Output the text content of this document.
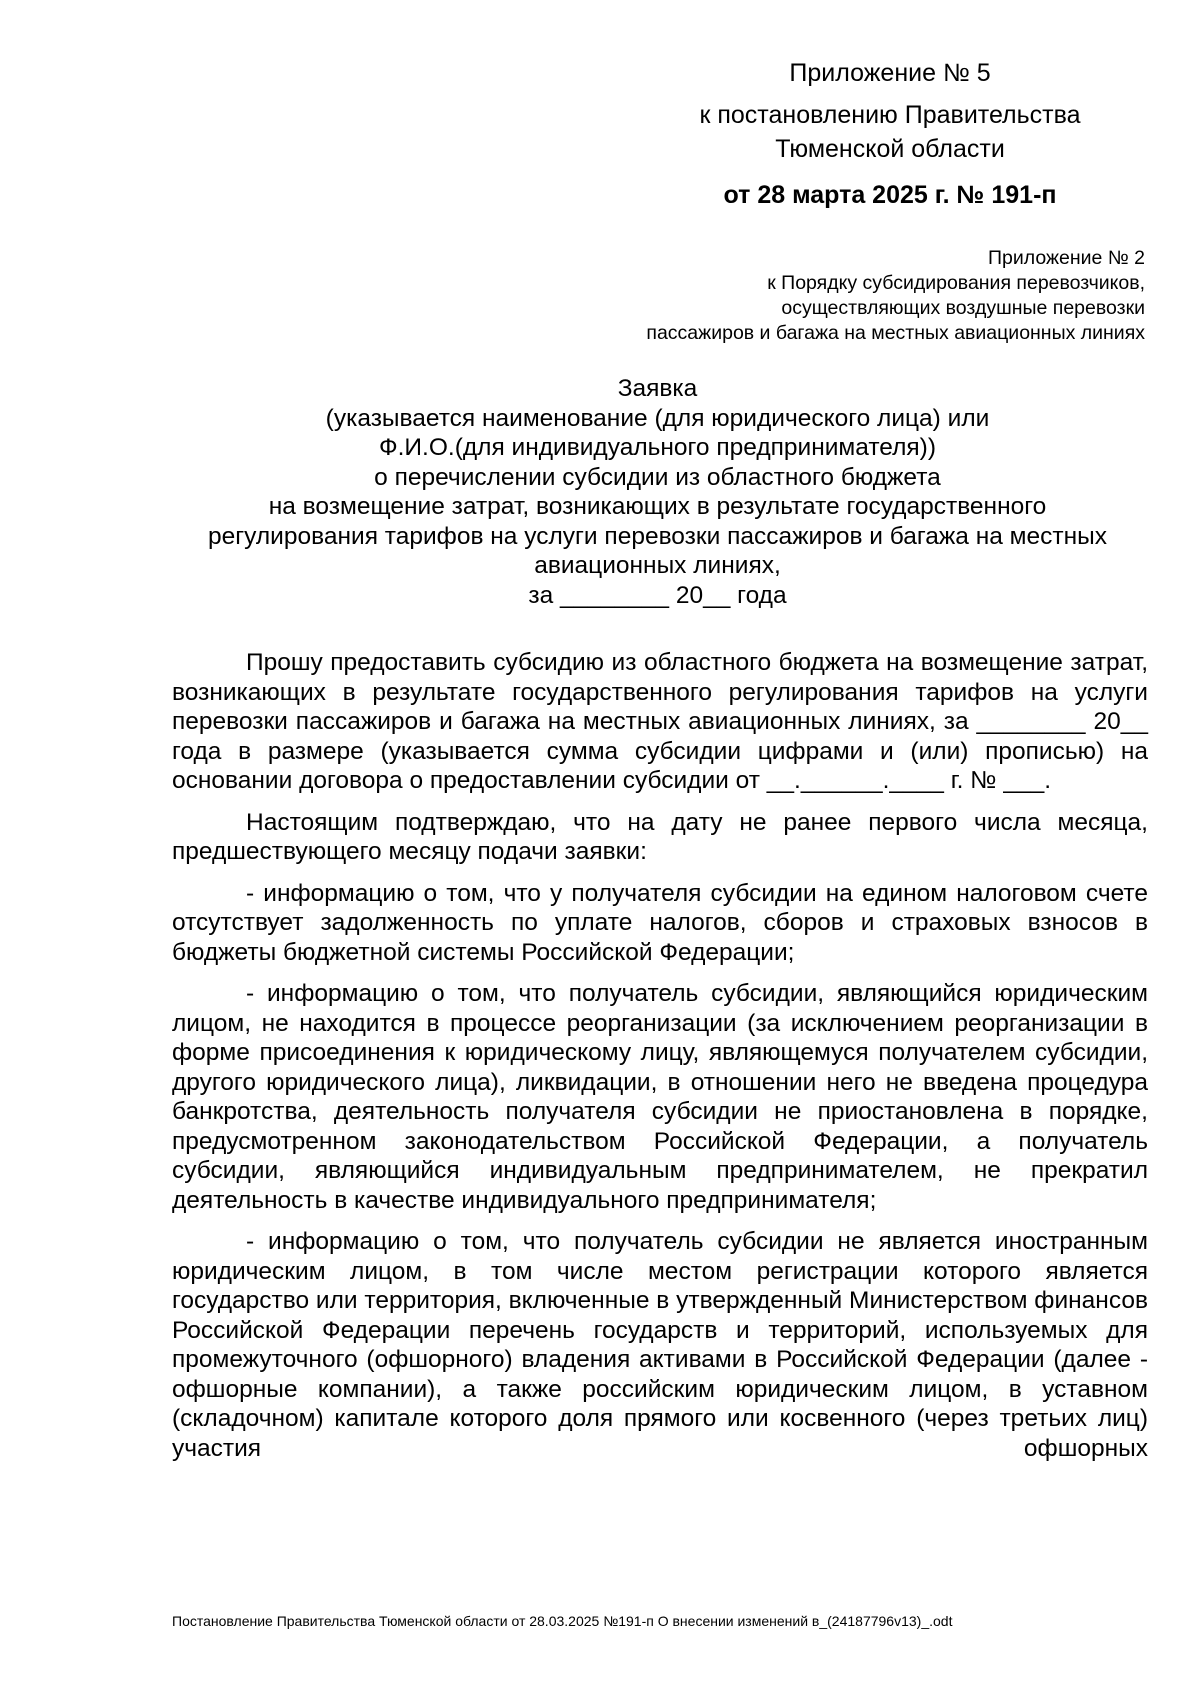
Приложение № 5
к постановлению Правительства
Тюменской области
от 28 марта 2025 г. № 191-п
Приложение № 2
к Порядку субсидирования перевозчиков,
осуществляющих воздушные перевозки
пассажиров и багажа на местных авиационных линиях
Заявка
(указывается наименование (для юридического лица) или
Ф.И.О.(для индивидуального предпринимателя))
о перечислении субсидии из областного бюджета
на возмещение затрат, возникающих в результате государственного
регулирования тарифов на услуги перевозки пассажиров и багажа на местных
авиационных линиях,
за ________ 20__ года

Прошу предоставить субсидию из областного бюджета на возмещение затрат, возникающих в результате государственного регулирования тарифов на услуги перевозки пассажиров и багажа на местных авиационных линиях, за ________ 20__ года в размере (указывается сумма субсидии цифрами и (или) прописью) на основании договора о предоставлении субсидии от __.______.____ г. № ___.

Настоящим подтверждаю, что на дату не ранее первого числа месяца, предшествующего месяцу подачи заявки:

- информацию о том, что у получателя субсидии на едином налоговом счете отсутствует задолженность по уплате налогов, сборов и страховых взносов в бюджеты бюджетной системы Российской Федерации;

- информацию о том, что получатель субсидии, являющийся юридическим лицом, не находится в процессе реорганизации (за исключением реорганизации в форме присоединения к юридическому лицу, являющемуся получателем субсидии, другого юридического лица), ликвидации, в отношении него не введена процедура банкротства, деятельность получателя субсидии не приостановлена в порядке, предусмотренном законодательством Российской Федерации, а получатель субсидии, являющийся индивидуальным предпринимателем, не прекратил деятельность в качестве индивидуального предпринимателя;

- информацию о том, что получатель субсидии не является иностранным юридическим лицом, в том числе местом регистрации которого является государство или территория, включенные в утвержденный Министерством финансов Российской Федерации перечень государств и территорий, используемых для промежуточного (офшорного) владения активами в Российской Федерации (далее - офшорные компании), а также российским юридическим лицом, в уставном (складочном) капитале которого доля прямого или косвенного (через третьих лиц) участия офшорных

Постановление Правительства Тюменской области от 28.03.2025 №191-п О внесении изменений в_(24187796v13)_.odt
